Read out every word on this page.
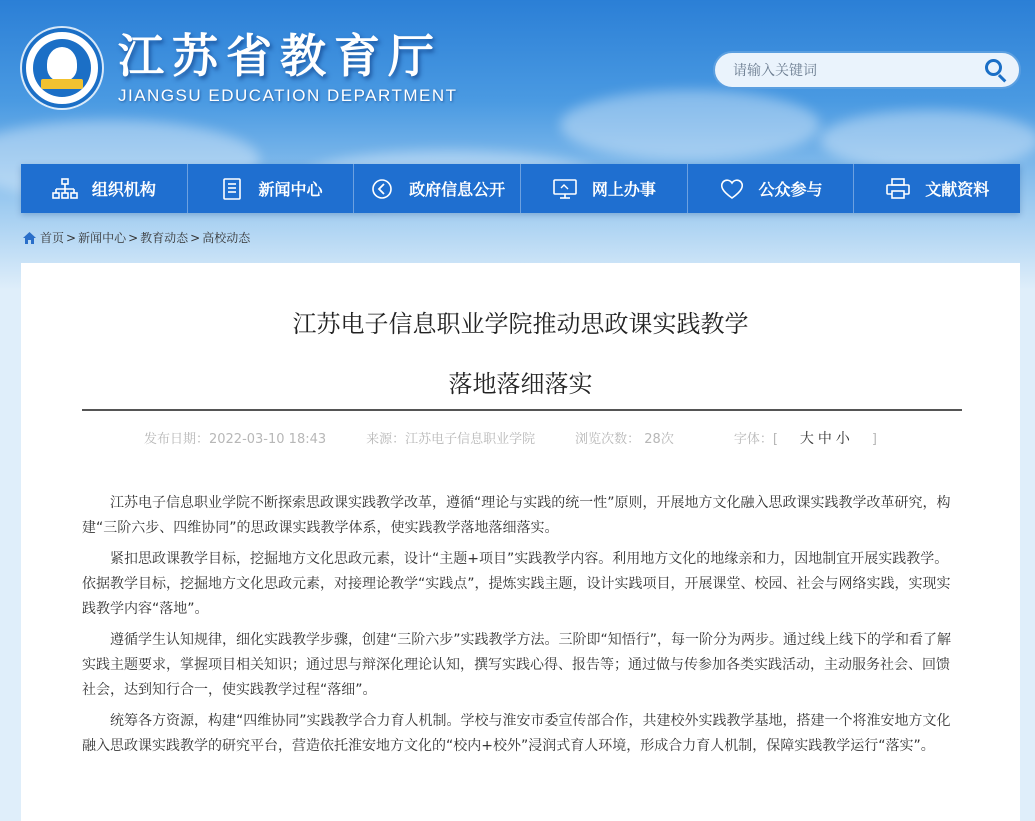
江苏省教育厅
JIANGSU EDUCATION DEPARTMENT
请输入关键词
组织机构	新闻中心	政府信息公开	网上办事	公众参与	文献资料
首页 > 新闻中心 > 教育动态 > 高校动态
江苏电子信息职业学院推动思政课实践教学
落地落细落实
发布日期：2022-03-10 18:43	来源：江苏电子信息职业学院	浏览次数： 28次	字体：[ 大 中 小 ]

江苏电子信息职业学院不断探索思政课实践教学改革，遵循“理论与实践的统一性”原则，开展地方文化融入思政课实践教学改革研究，构建“三阶六步、四维协同”的思政课实践教学体系，使实践教学落地落细落实。

紧扣思政课教学目标，挖掘地方文化思政元素，设计“主题+项目”实践教学内容。利用地方文化的地缘亲和力，因地制宜开展实践教学。依据教学目标，挖掘地方文化思政元素，对接理论教学“实践点”，提炼实践主题，设计实践项目，开展课堂、校园、社会与网络实践，实现实践教学内容“落地”。

遵循学生认知规律，细化实践教学步骤，创建“三阶六步”实践教学方法。三阶即“知悟行”，每一阶分为两步。通过线上线下的学和看了解实践主题要求，掌握项目相关知识；通过思与辩深化理论认知，撰写实践心得、报告等；通过做与传参加各类实践活动，主动服务社会、回馈社会，达到知行合一，使实践教学过程“落细”。

统筹各方资源，构建“四维协同”实践教学合力育人机制。学校与淮安市委宣传部合作，共建校外实践教学基地，搭建一个将淮安地方文化融入思政课实践教学的研究平台，营造依托淮安地方文化的“校内+校外”浸润式育人环境，形成合力育人机制，保障实践教学运行“落实”。
